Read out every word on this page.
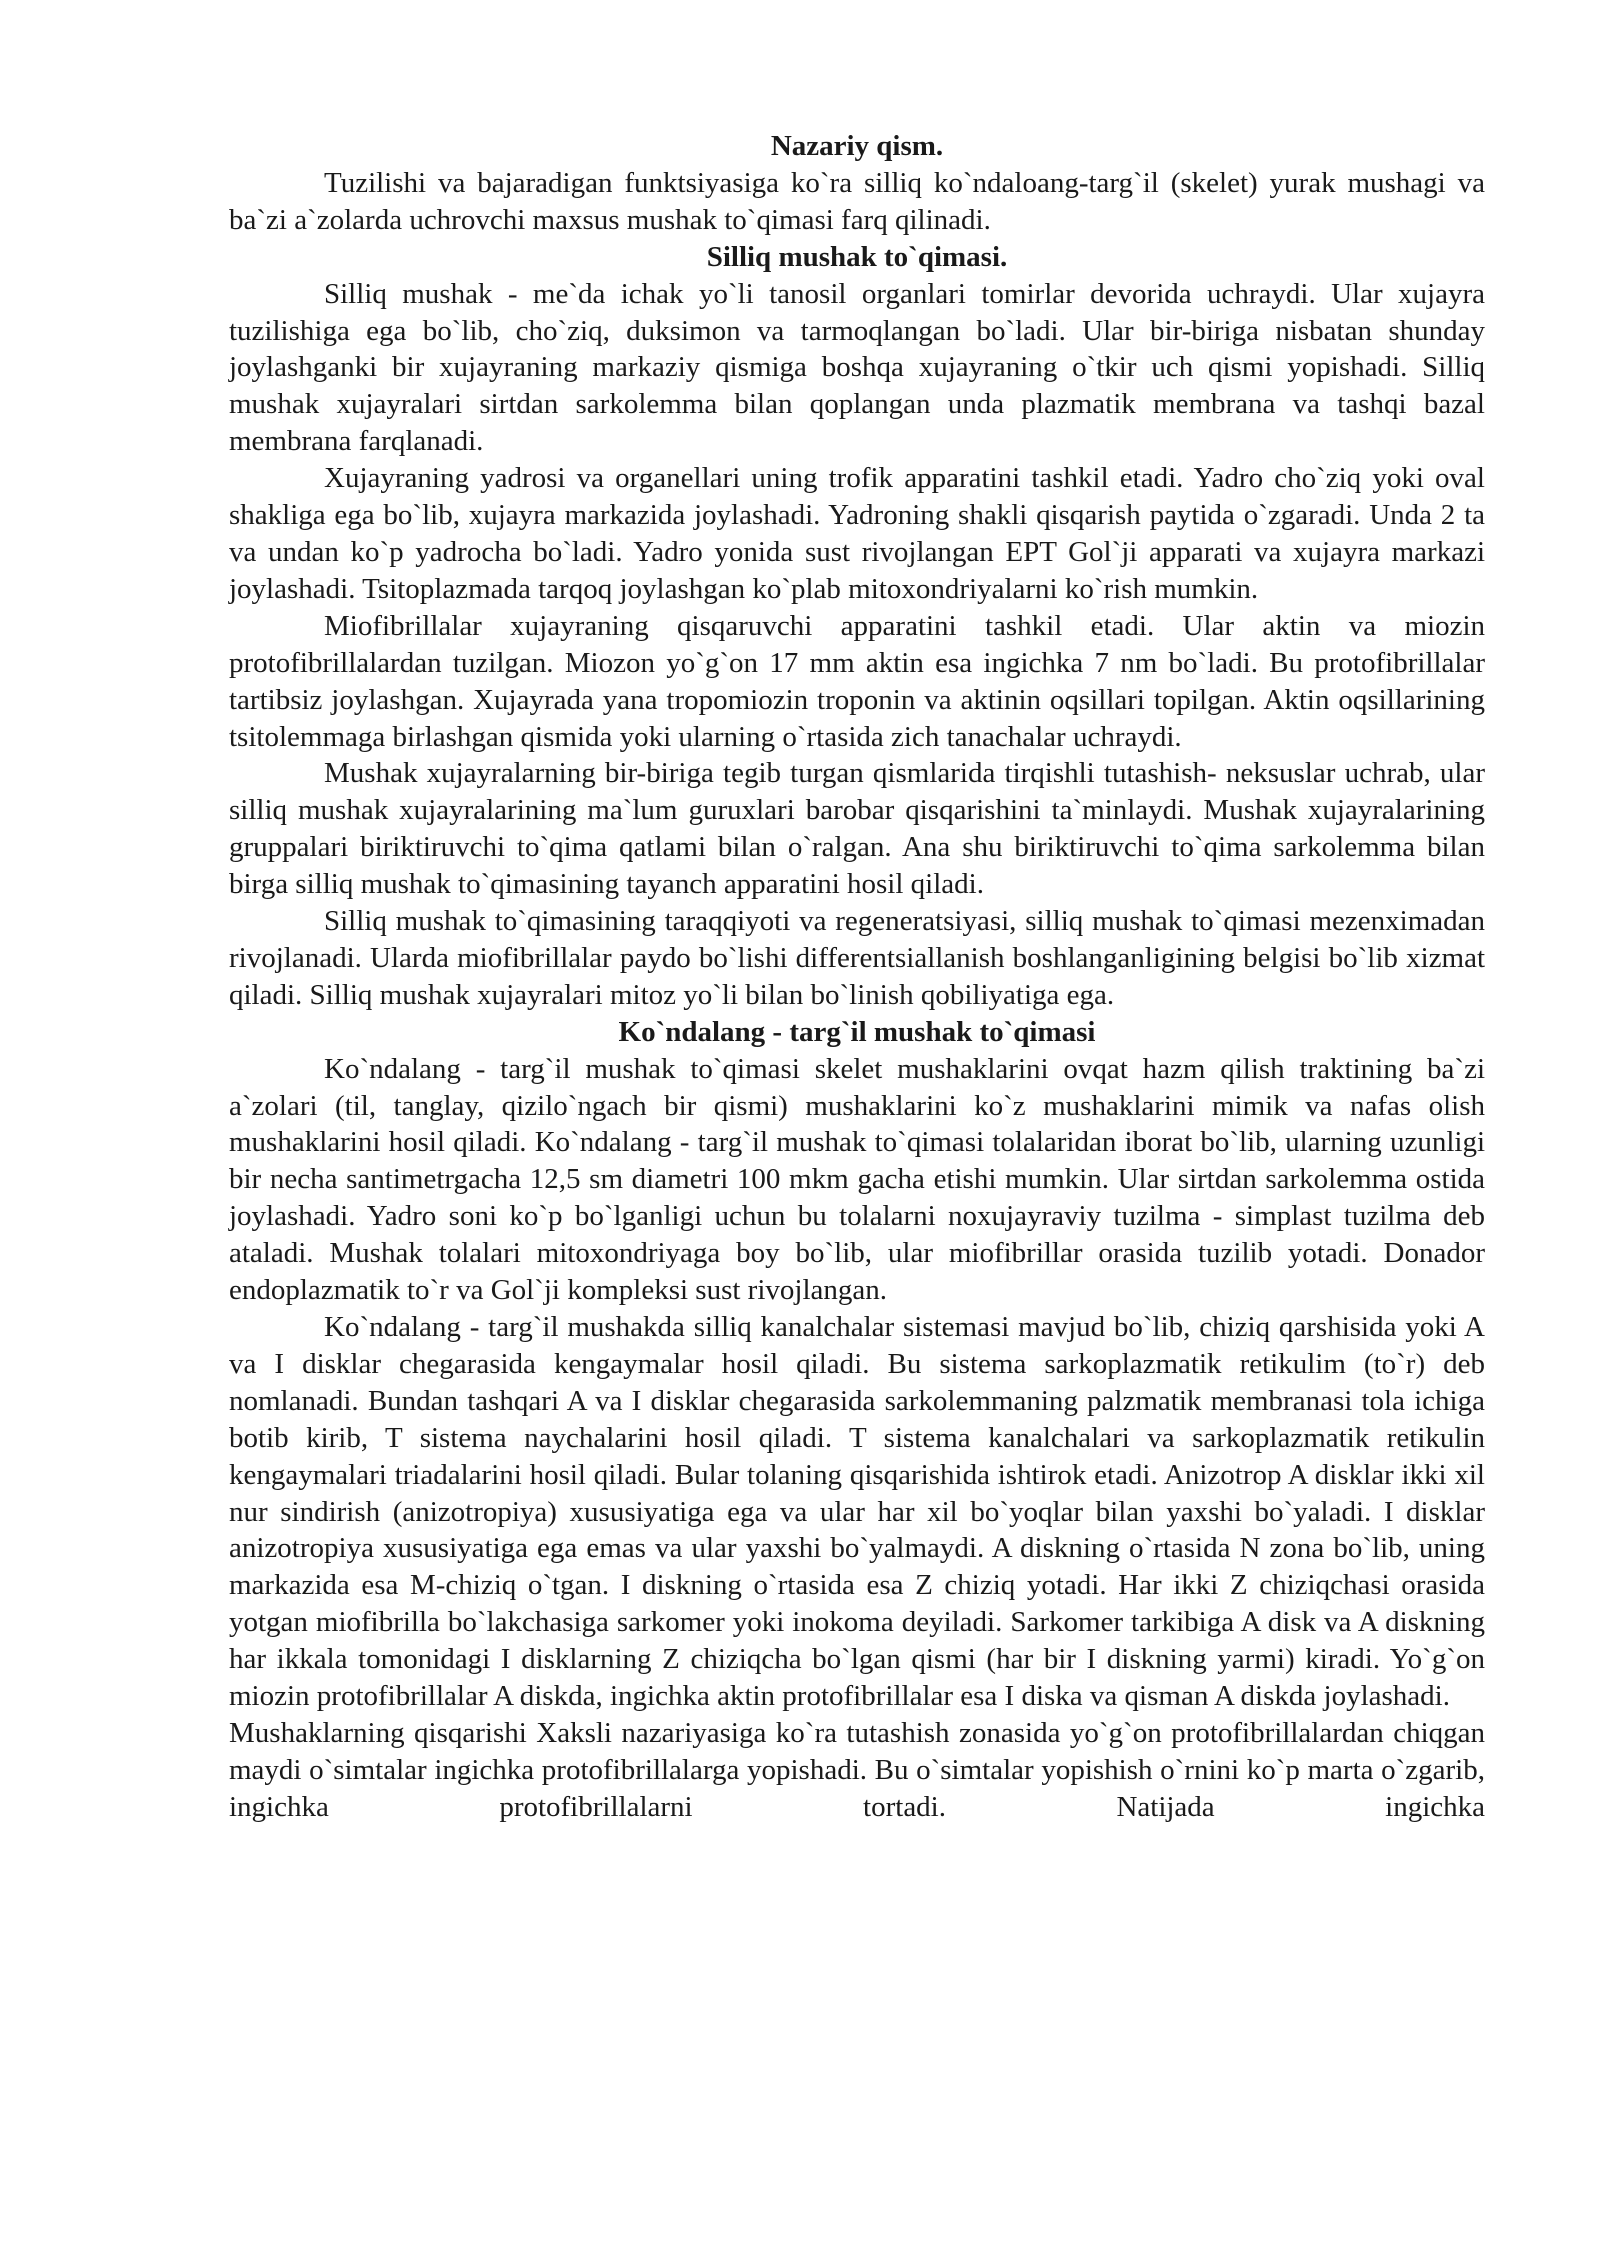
Nazariy qism.

Tuzilishi va bajaradigan funktsiyasiga ko`ra silliq ko`ndaloang-targ`il (skelet) yurak mushagi va ba`zi a`zolarda uchrovchi maxsus mushak to`qimasi farq qilinadi.

Silliq mushak to`qimasi.

Silliq mushak - me`da ichak yo`li tanosil organlari tomirlar devorida uchraydi. Ular xujayra tuzilishiga ega bo`lib, cho`ziq, duksimon va tarmoqlangan bo`ladi. Ular bir-biriga nisbatan shunday joylashganki bir xujayraning markaziy qismiga boshqa xujayraning o`tkir uch qismi yopishadi. Silliq mushak xujayralari sirtdan sarkolemma bilan qoplangan unda plazmatik membrana va tashqi bazal membrana farqlanadi.

Xujayraning yadrosi va organellari uning trofik apparatini tashkil etadi. Yadro cho`ziq yoki oval shakliga ega bo`lib, xujayra markazida joylashadi. Yadroning shakli qisqarish paytida o`zgaradi. Unda 2 ta va undan ko`p yadrocha bo`ladi. Yadro yonida sust rivojlangan EPT Gol`ji apparati va xujayra markazi joylashadi. Tsitoplazmada tarqoq joylashgan ko`plab mitoxondriyalarni ko`rish mumkin.

Miofibrillalar xujayraning qisqaruvchi apparatini tashkil etadi. Ular aktin va miozin protofibrillalardan tuzilgan. Miozon yo`g`on 17 mm aktin esa ingichka 7 nm bo`ladi. Bu protofibrillalar tartibsiz joylashgan. Xujayrada yana tropomiozin troponin va aktinin oqsillari topilgan. Aktin oqsillarining tsitolemmaga birlashgan qismida yoki ularning o`rtasida zich tanachalar uchraydi.

Mushak xujayralarning bir-biriga tegib turgan qismlarida tirqishli tutashish- neksuslar uchrab, ular silliq mushak xujayralarining ma`lum guruxlari barobar qisqarishini ta`minlaydi. Mushak xujayralarining gruppalari biriktiruvchi to`qima qatlami bilan o`ralgan. Ana shu biriktiruvchi to`qima sarkolemma bilan birga silliq mushak to`qimasining tayanch apparatini hosil qiladi.

Silliq mushak to`qimasining taraqqiyoti va regeneratsiyasi, silliq mushak to`qimasi mezenximadan rivojlanadi. Ularda miofibrillalar paydo bo`lishi differentsiallanish boshlanganligining belgisi bo`lib xizmat qiladi. Silliq mushak xujayralari mitoz yo`li bilan bo`linish qobiliyatiga ega.

Ko`ndalang - targ`il mushak to`qimasi

Ko`ndalang - targ`il mushak to`qimasi skelet mushaklarini ovqat hazm qilish traktining ba`zi a`zolari (til, tanglay, qizilo`ngach bir qismi) mushaklarini ko`z mushaklarini mimik va nafas olish mushaklarini hosil qiladi. Ko`ndalang - targ`il mushak to`qimasi tolalaridan iborat bo`lib, ularning uzunligi bir necha santimetrgacha 12,5 sm diametri 100 mkm gacha etishi mumkin. Ular sirtdan sarkolemma ostida joylashadi. Yadro soni ko`p bo`lganligi uchun bu tolalarni noxujayraviy tuzilma - simplast tuzilma deb ataladi. Mushak tolalari mitoxondriyaga boy bo`lib, ular miofibrillar orasida tuzilib yotadi. Donador endoplazmatik to`r va Gol`ji kompleksi sust rivojlangan.

Ko`ndalang - targ`il mushakda silliq kanalchalar sistemasi mavjud bo`lib, chiziq qarshisida yoki A va I disklar chegarasida kengaymalar hosil qiladi. Bu sistema sarkoplazmatik retikulim (to`r) deb nomlanadi. Bundan tashqari A va I disklar chegarasida sarkolemmaning palzmatik membranasi tola ichiga botib kirib, T sistema naychalarini hosil qiladi. T sistema kanalchalari va sarkoplazmatik retikulin kengaymalari triadalarini hosil qiladi. Bular tolaning qisqarishida ishtirok etadi. Anizotrop A disklar ikki xil nur sindirish (anizotropiya) xususiyatiga ega va ular har xil bo`yoqlar bilan yaxshi bo`yaladi. I disklar anizotropiya xususiyatiga ega emas va ular yaxshi bo`yalmaydi. A diskning o`rtasida N zona bo`lib, uning markazida esa M-chiziq o`tgan. I diskning o`rtasida esa Z chiziq yotadi. Har ikki Z chiziqchasi orasida yotgan miofibrilla bo`lakchasiga sarkomer yoki inokoma deyiladi. Sarkomer tarkibiga A disk va A diskning har ikkala tomonidagi I disklarning Z chiziqcha bo`lgan qismi (har bir I diskning yarmi) kiradi. Yo`g`on miozin protofibrillalar A diskda, ingichka aktin protofibrillalar esa I diska va qisman A diskda joylashadi.

Mushaklarning qisqarishi Xaksli nazariyasiga ko`ra tutashish zonasida yo`g`on protofibrillalardan chiqgan maydi o`simtalar ingichka protofibrillalarga yopishadi. Bu o`simtalar yopishish o`rnini ko`p marta o`zgarib, ingichka protofibrillalarni tortadi. Natijada ingichka
